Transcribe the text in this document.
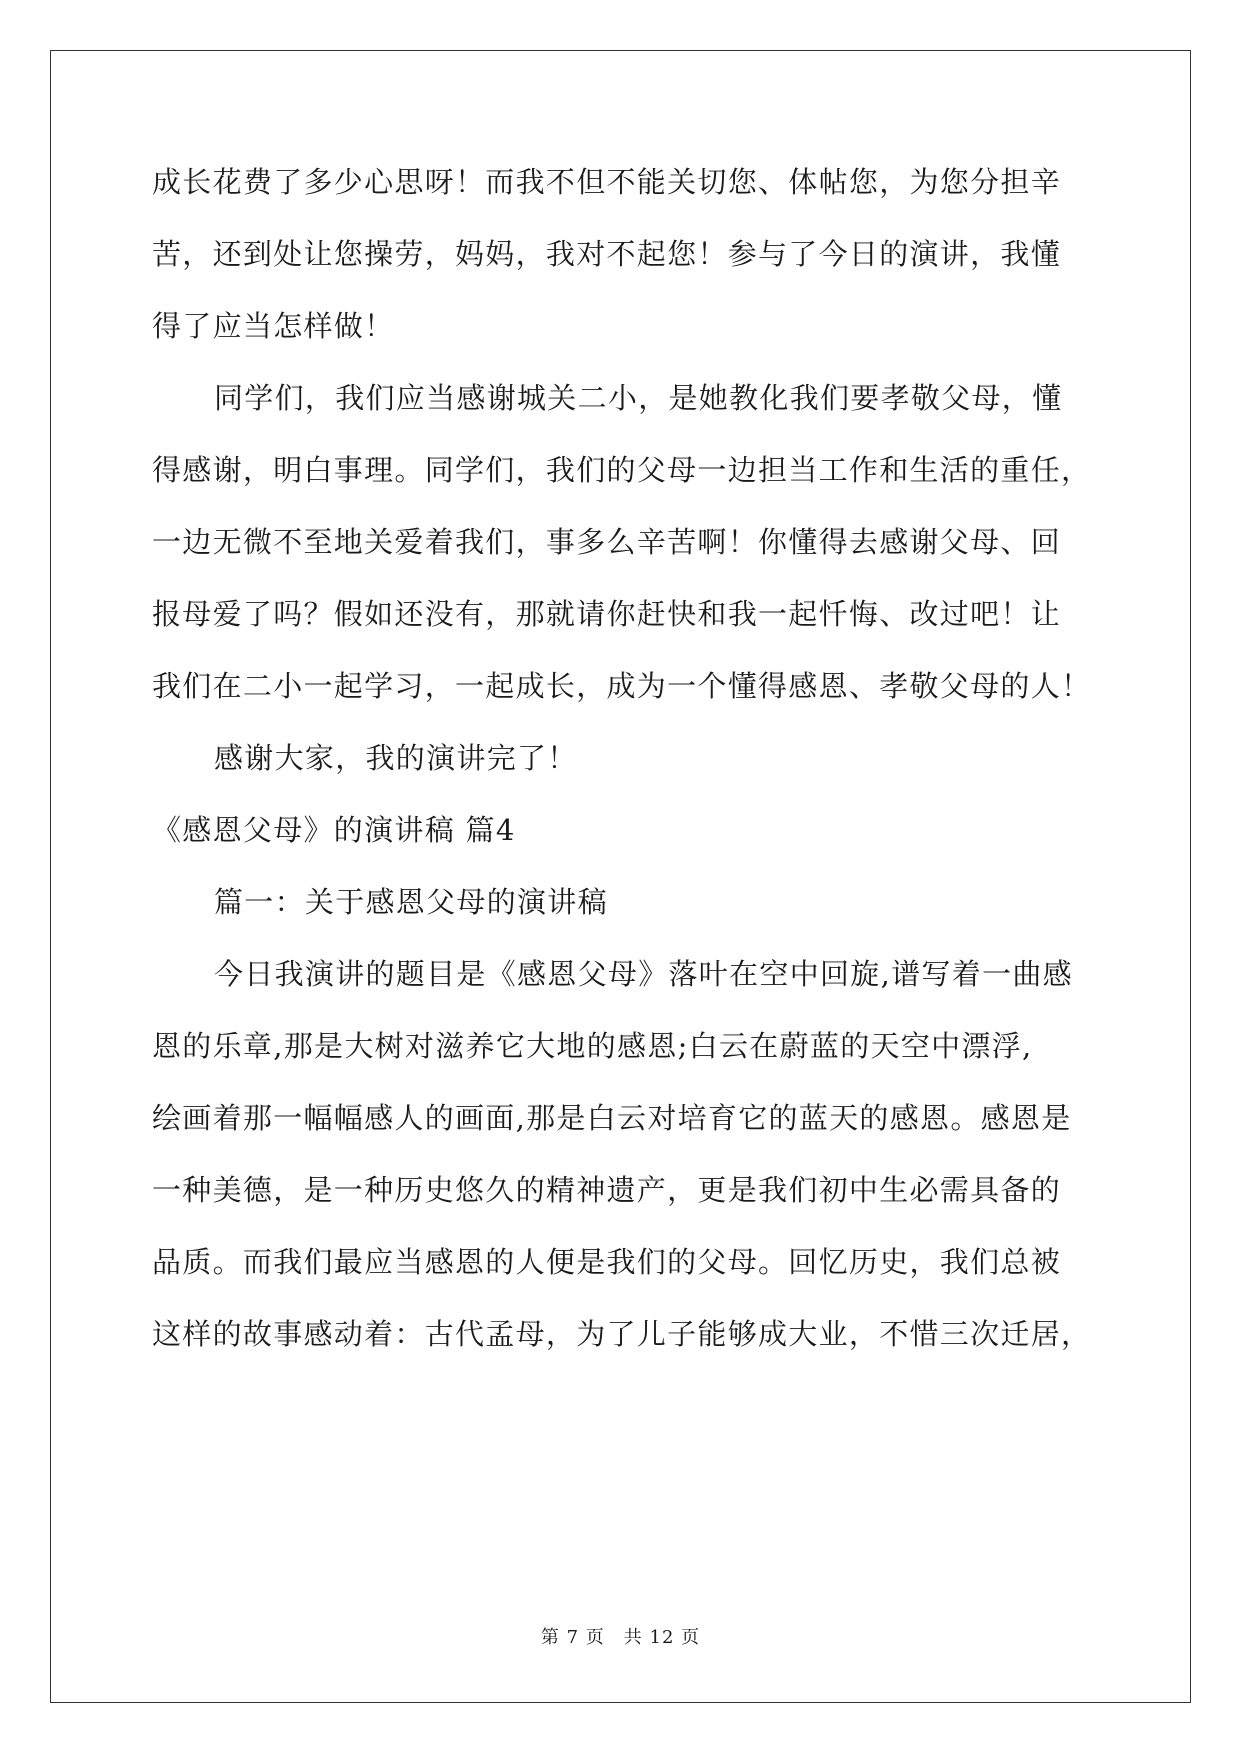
成长花费了多少心思呀！而我不但不能关切您、体帖您，为您分担辛
苦，还到处让您操劳，妈妈，我对不起您！参与了今日的演讲，我懂
得了应当怎样做！
同学们，我们应当感谢城关二小，是她教化我们要孝敬父母，懂
得感谢，明白事理。同学们，我们的父母一边担当工作和生活的重任，
一边无微不至地关爱着我们，事多么辛苦啊！你懂得去感谢父母、回
报母爱了吗？假如还没有，那就请你赶快和我一起忏悔、改过吧！让
我们在二小一起学习，一起成长，成为一个懂得感恩、孝敬父母的人！
感谢大家，我的演讲完了！
《感恩父母》的演讲稿 篇4
篇一：关于感恩父母的演讲稿
今日我演讲的题目是《感恩父母》落叶在空中回旋,谱写着一曲感
恩的乐章,那是大树对滋养它大地的感恩;白云在蔚蓝的天空中漂浮,
绘画着那一幅幅感人的画面,那是白云对培育它的蓝天的感恩。感恩是
一种美德，是一种历史悠久的精神遗产，更是我们初中生必需具备的
品质。而我们最应当感恩的人便是我们的父母。回忆历史，我们总被
这样的故事感动着：古代孟母，为了儿子能够成大业，不惜三次迁居，
第 7 页　共 12 页
